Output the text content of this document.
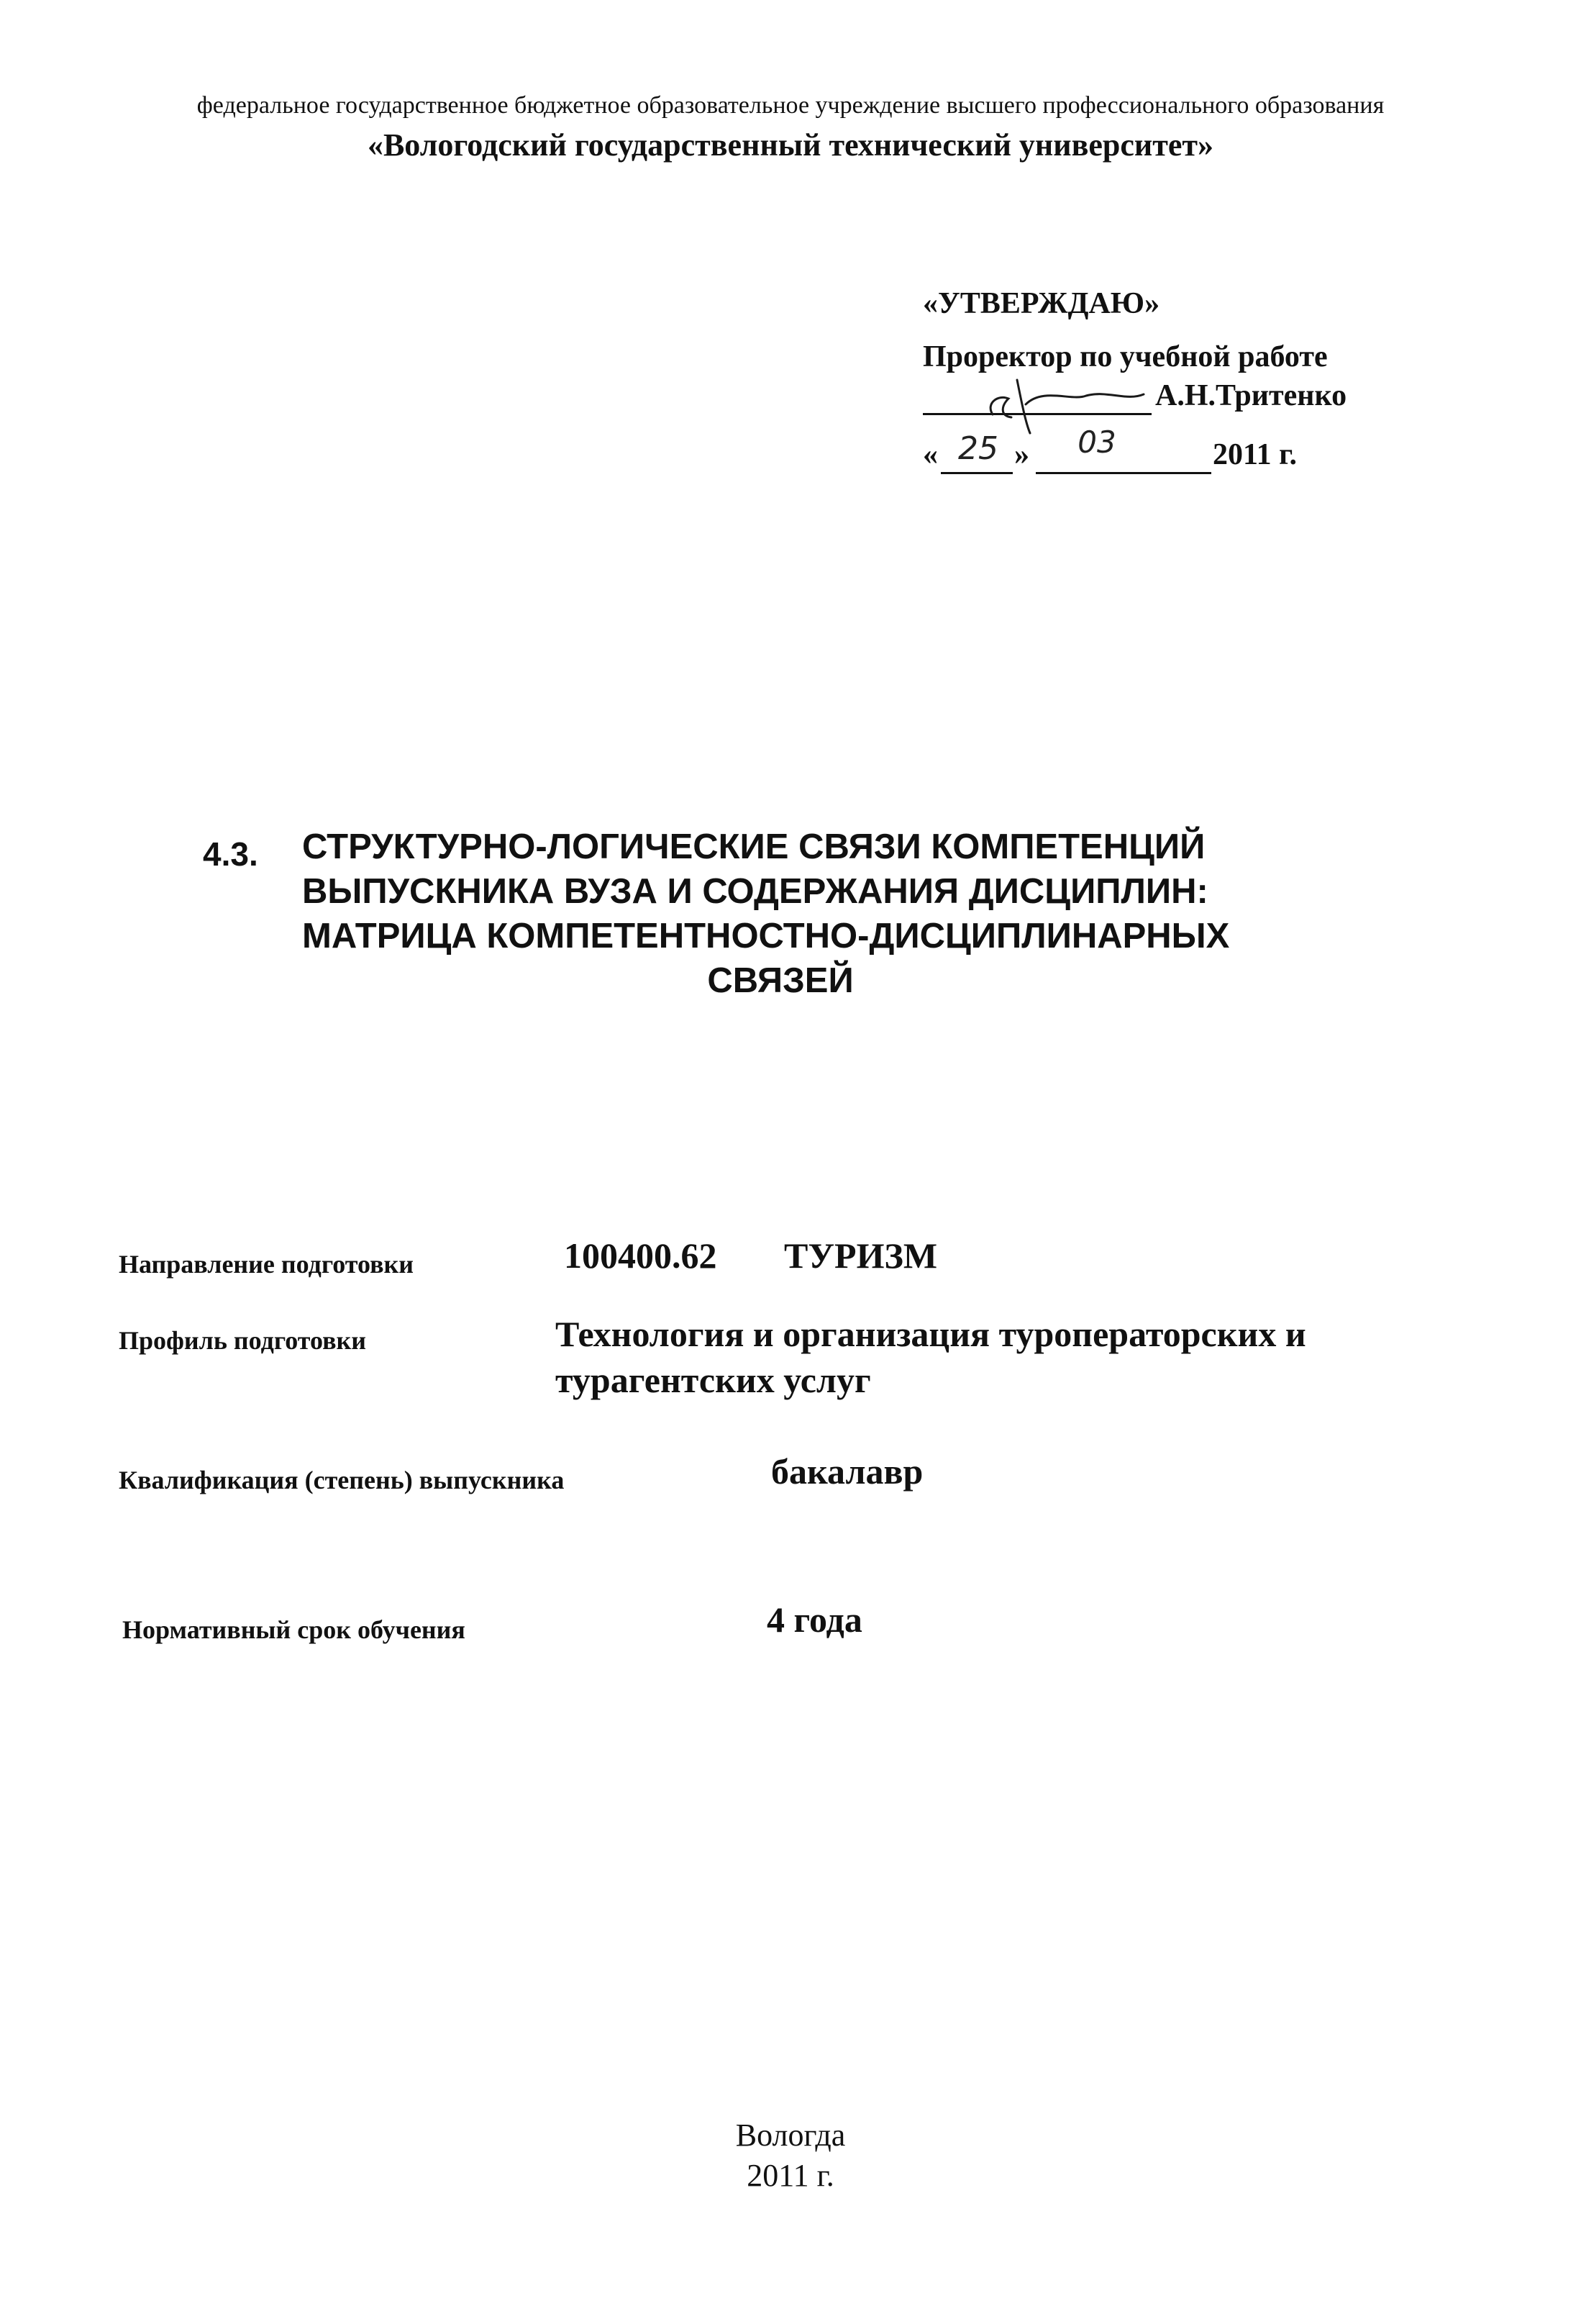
федеральное государственное бюджетное образовательное учреждение высшего профессионального образования
«Вологодский государственный технический университет»
«УТВЕРЖДАЮ»
Проректор по учебной работе
А.Н.Тритенко
« 25 »	03	2011 г.
4.3. СТРУКТУРНО-ЛОГИЧЕСКИЕ СВЯЗИ КОМПЕТЕНЦИЙ
ВЫПУСКНИКА ВУЗА И СОДЕРЖАНИЯ ДИСЦИПЛИН:
МАТРИЦА КОМПЕТЕНТНОСТНО-ДИСЦИПЛИНАРНЫХ
СВЯЗЕЙ
Направление подготовки	100400.62 ТУРИЗМ
Профиль подготовки	Технология и организация туроператорских и
турагентских услуг
Квалификация (степень) выпускника	бакалавр
Нормативный срок обучения	4 года
Вологда
2011 г.
